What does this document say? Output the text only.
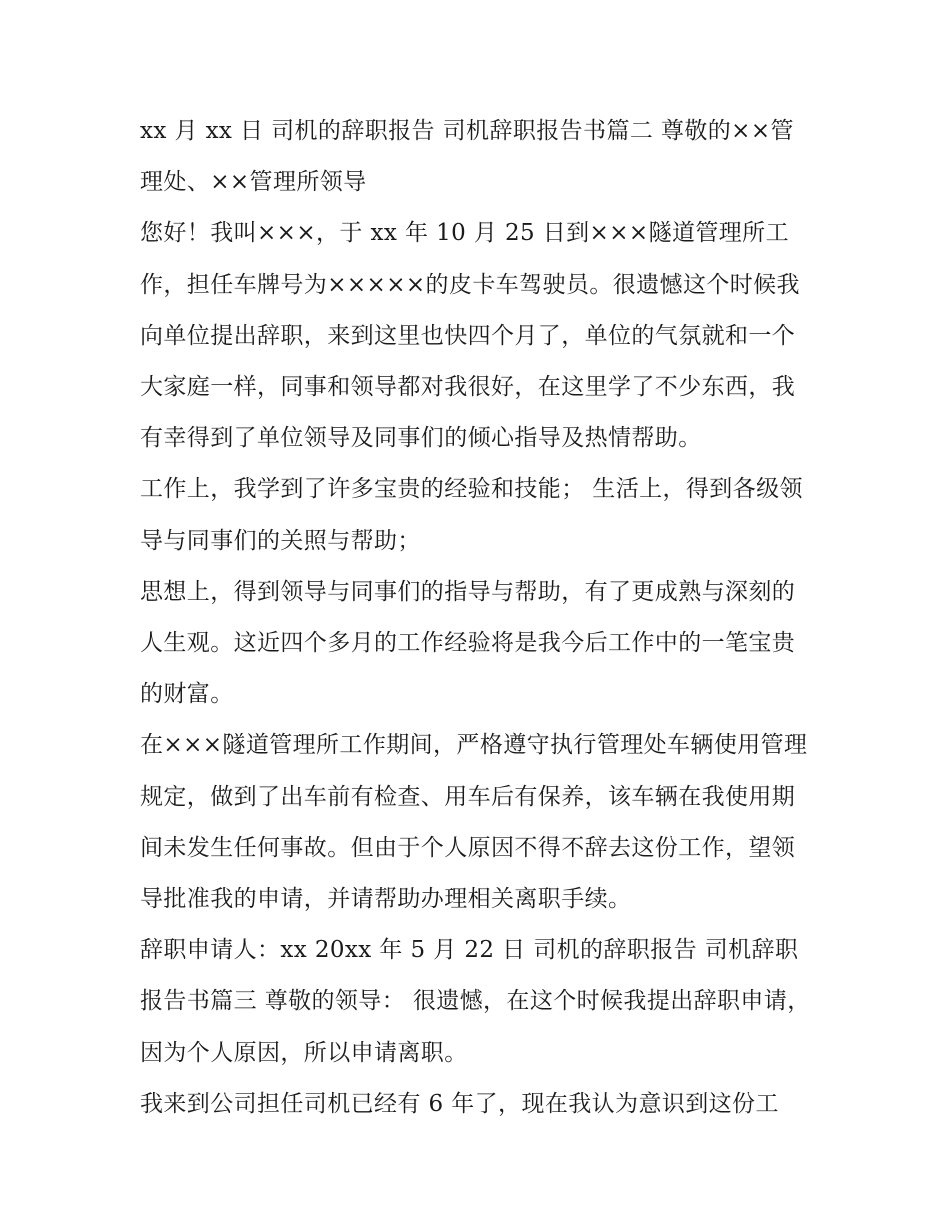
xx 月 xx 日 司机的辞职报告 司机辞职报告书篇二 尊敬的××管理处、××管理所领导

您好！我叫×××，于 xx 年 10 月 25 日到×××隧道管理所工作，担任车牌号为×××××的皮卡车驾驶员。很遗憾这个时候我向单位提出辞职，来到这里也快四个月了，单位的气氛就和一个大家庭一样，同事和领导都对我很好，在这里学了不少东西，我有幸得到了单位领导及同事们的倾心指导及热情帮助。

工作上，我学到了许多宝贵的经验和技能； 生活上，得到各级领导与同事们的关照与帮助；

思想上，得到领导与同事们的指导与帮助，有了更成熟与深刻的人生观。这近四个多月的工作经验将是我今后工作中的一笔宝贵的财富。

在×××隧道管理所工作期间，严格遵守执行管理处车辆使用管理规定，做到了出车前有检查、用车后有保养，该车辆在我使用期间未发生任何事故。但由于个人原因不得不辞去这份工作，望领导批准我的申请，并请帮助办理相关离职手续。

辞职申请人：xx 20xx 年 5 月 22 日 司机的辞职报告 司机辞职报告书篇三 尊敬的领导： 很遗憾，在这个时候我提出辞职申请，因为个人原因，所以申请离职。

我来到公司担任司机已经有 6 年了，现在我认为意识到这份工
